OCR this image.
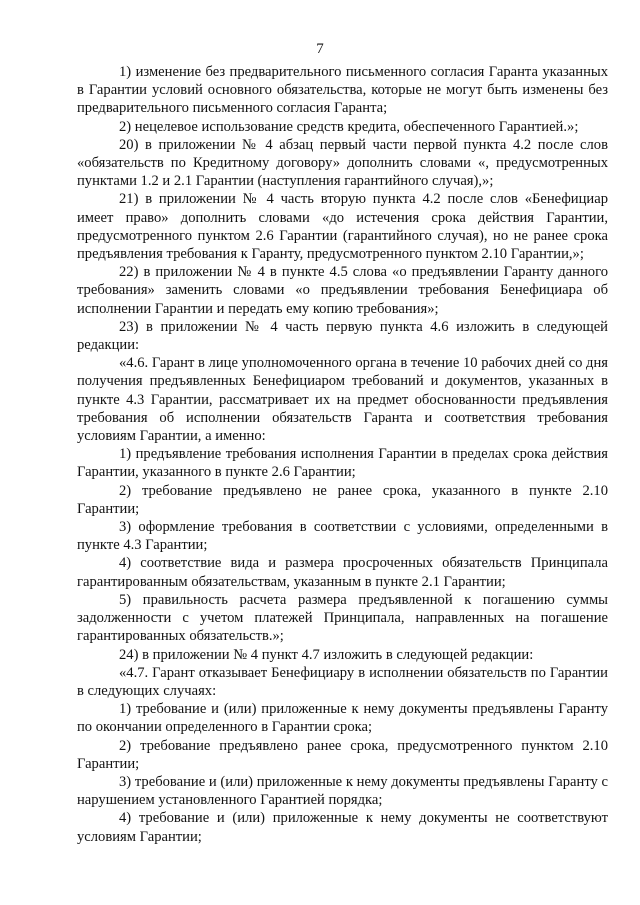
7

1) изменение без предварительного письменного согласия Гаранта указанных в Гарантии условий основного обязательства, которые не могут быть изменены без предварительного письменного согласия Гаранта;

2) нецелевое использование средств кредита, обеспеченного Гарантией.»;

20) в приложении № 4 абзац первый части первой пункта 4.2 после слов «обязательств по Кредитному договору» дополнить словами «, предусмотренных пунктами 1.2 и 2.1 Гарантии (наступления гарантийного случая),»;

21) в приложении № 4 часть вторую пункта 4.2 после слов «Бенефициар имеет право» дополнить словами «до истечения срока действия Гарантии, предусмотренного пунктом 2.6 Гарантии (гарантийного случая), но не ранее срока предъявления требования к Гаранту, предусмотренного пунктом 2.10 Гарантии,»;

22) в приложении № 4 в пункте 4.5 слова «о предъявлении Гаранту данного требования» заменить словами «о предъявлении требования Бенефициара об исполнении Гарантии и передать ему копию требования»;

23) в приложении № 4 часть первую пункта 4.6 изложить в следующей редакции:

«4.6. Гарант в лице уполномоченного органа в течение 10 рабочих дней со дня получения предъявленных Бенефициаром требований и документов, указанных в пункте 4.3 Гарантии, рассматривает их на предмет обоснованности предъявления требования об исполнении обязательств Гаранта и соответствия требования условиям Гарантии, а именно:

1) предъявление требования исполнения Гарантии в пределах срока действия Гарантии, указанного в пункте 2.6 Гарантии;

2) требование предъявлено не ранее срока, указанного в пункте 2.10 Гарантии;

3) оформление требования в соответствии с условиями, определенными в пункте 4.3 Гарантии;

4) соответствие вида и размера просроченных обязательств Принципала гарантированным обязательствам, указанным в пункте 2.1 Гарантии;

5) правильность расчета размера предъявленной к погашению суммы задолженности с учетом платежей Принципала, направленных на погашение гарантированных обязательств.»;

24) в приложении № 4 пункт 4.7 изложить в следующей редакции:

«4.7. Гарант отказывает Бенефициару в исполнении обязательств по Гарантии в следующих случаях:

1) требование и (или) приложенные к нему документы предъявлены Гаранту по окончании определенного в Гарантии срока;

2) требование предъявлено ранее срока, предусмотренного пунктом 2.10 Гарантии;

3) требование и (или) приложенные к нему документы предъявлены Гаранту с нарушением установленного Гарантией порядка;

4) требование и (или) приложенные к нему документы не соответствуют условиям Гарантии;
